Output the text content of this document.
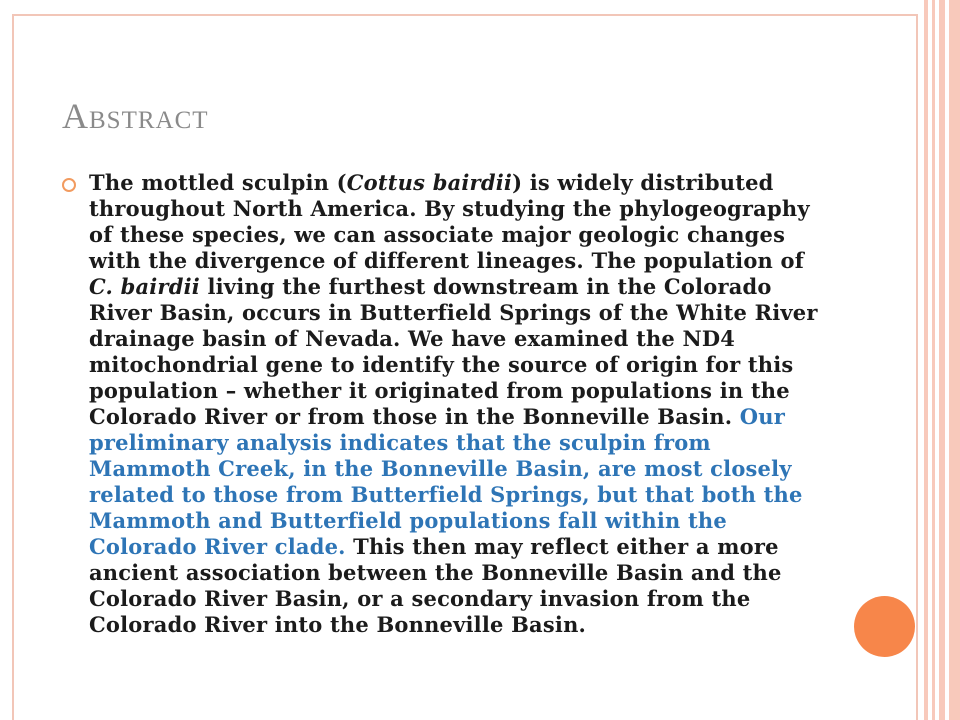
Abstract

The mottled sculpin (Cottus bairdii) is widely distributed throughout North America. By studying the phylogeography of these species, we can associate major geologic changes with the divergence of different lineages. The population of C. bairdii living the furthest downstream in the Colorado River Basin, occurs in Butterfield Springs of the White River drainage basin of Nevada. We have examined the ND4 mitochondrial gene to identify the source of origin for this population – whether it originated from populations in the Colorado River or from those in the Bonneville Basin. Our preliminary analysis indicates that the sculpin from Mammoth Creek, in the Bonneville Basin, are most closely related to those from Butterfield Springs, but that both the Mammoth and Butterfield populations fall within the Colorado River clade. This then may reflect either a more ancient association between the Bonneville Basin and the Colorado River Basin, or a secondary invasion from the Colorado River into the Bonneville Basin.
